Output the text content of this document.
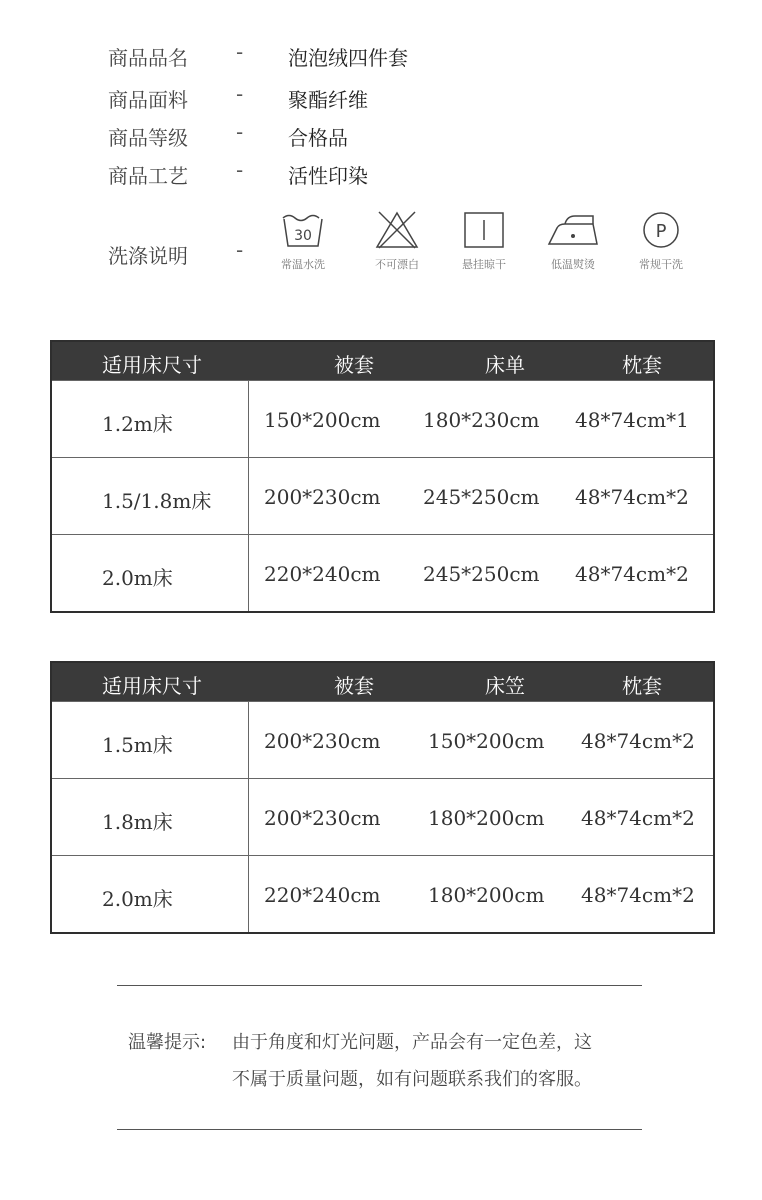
商品品名 - 泡泡绒四件套
商品面料 - 聚酯纤维
商品等级 - 合格品
商品工艺 - 活性印染
洗涤说明 -
30
常温水洗	不可漂白	悬挂晾干	低温熨烫
P
常规干洗
适用床尺寸	被套	床单	枕套
1.2m床	150*200cm 180*230cm 48*74cm*1
1.5/1.8m床	200*230cm 245*250cm 48*74cm*2
2.0m床	220*240cm 245*250cm 48*74cm*2
适用床尺寸	被套	床笠	枕套
1.5m床	200*230cm 150*200cm 48*74cm*2
1.8m床	200*230cm 180*200cm 48*74cm*2
2.0m床	220*240cm 180*200cm 48*74cm*2
温馨提示: 由于角度和灯光问题，产品会有一定色差，这
不属于质量问题，如有问题联系我们的客服。
